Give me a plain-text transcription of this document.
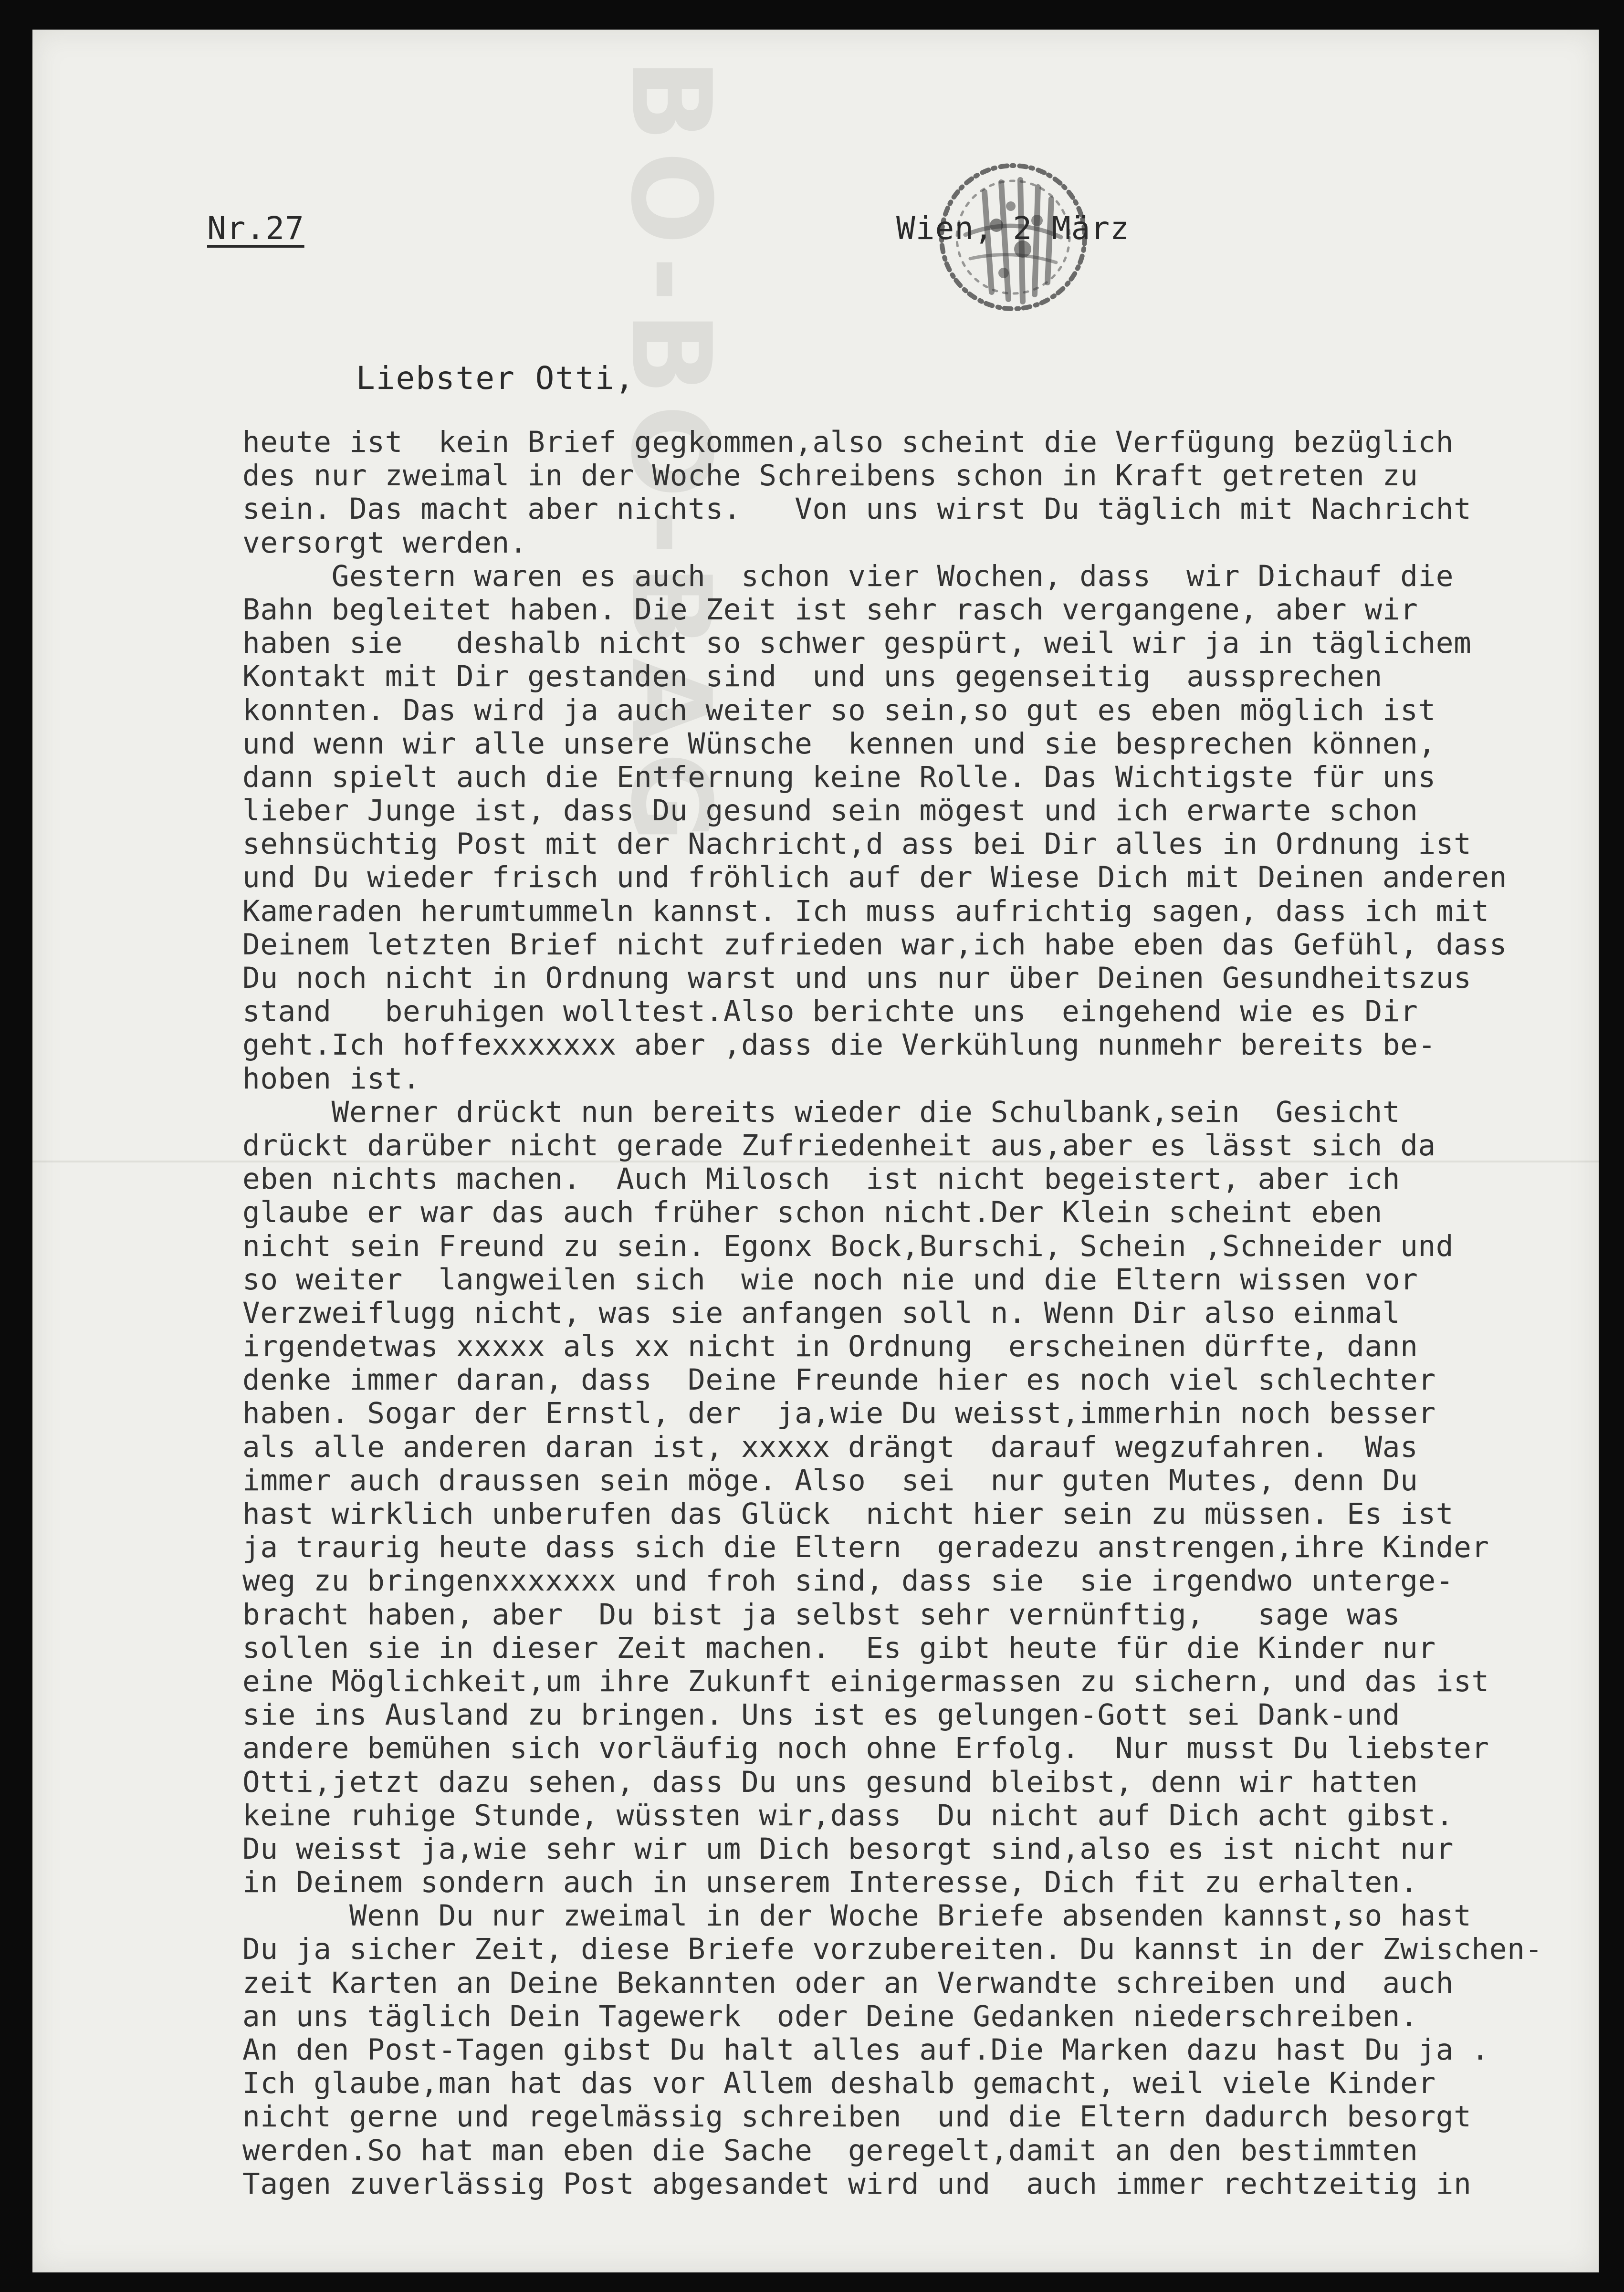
BO-BO-BAG
Nr.27	Wien, 2 März
Liebster Otti,
heute ist  kein Brief gegkommen,also scheint die Verfügung bezüglich
des nur zweimal in der Woche Schreibens schon in Kraft getreten zu
sein. Das macht aber nichts.   Von uns wirst Du täglich mit Nachricht
versorgt werden.
Gestern waren es auch  schon vier Wochen, dass  wir Dichauf die
Bahn begleitet haben. Die Zeit ist sehr rasch vergangene, aber wir
haben sie   deshalb nicht so schwer gespürt, weil wir ja in täglichem
Kontakt mit Dir gestanden sind  und uns gegenseitig  aussprechen
konnten. Das wird ja auch weiter so sein,so gut es eben möglich ist
und wenn wir alle unsere Wünsche  kennen und sie besprechen können,
dann spielt auch die Entfernung keine Rolle. Das Wichtigste für uns
lieber Junge ist, dass Du gesund sein mögest und ich erwarte schon
sehnsüchtig Post mit der Nachricht,d ass bei Dir alles in Ordnung ist
und Du wieder frisch und fröhlich auf der Wiese Dich mit Deinen anderen
Kameraden herumtummeln kannst. Ich muss aufrichtig sagen, dass ich mit
Deinem letzten Brief nicht zufrieden war,ich habe eben das Gefühl, dass
Du noch nicht in Ordnung warst und uns nur über Deinen Gesundheitszus
stand   beruhigen wolltest.Also berichte uns  eingehend wie es Dir
geht.Ich hoffexxxxxxx aber ,dass die Verkühlung nunmehr bereits be-
hoben ist.
Werner drückt nun bereits wieder die Schulbank,sein  Gesicht
drückt darüber nicht gerade Zufriedenheit aus,aber es lässt sich da
eben nichts machen.  Auch Milosch  ist nicht begeistert, aber ich
glaube er war das auch früher schon nicht.Der Klein scheint eben
nicht sein Freund zu sein. Egonx Bock,Burschi, Schein ,Schneider und
so weiter  langweilen sich  wie noch nie und die Eltern wissen vor
Verzweiflugg nicht, was sie anfangen soll n. Wenn Dir also einmal
irgendetwas xxxxx als xx nicht in Ordnung  erscheinen dürfte, dann
denke immer daran, dass  Deine Freunde hier es noch viel schlechter
haben. Sogar der Ernstl, der  ja,wie Du weisst,immerhin noch besser
als alle anderen daran ist, xxxxx drängt  darauf wegzufahren.  Was
immer auch draussen sein möge. Also  sei  nur guten Mutes, denn Du
hast wirklich unberufen das Glück  nicht hier sein zu müssen. Es ist
ja traurig heute dass sich die Eltern  geradezu anstrengen,ihre Kinder
weg zu bringenxxxxxxx und froh sind, dass sie  sie irgendwo unterge-
bracht haben, aber  Du bist ja selbst sehr vernünftig,   sage was
sollen sie in dieser Zeit machen.  Es gibt heute für die Kinder nur
eine Möglichkeit,um ihre Zukunft einigermassen zu sichern, und das ist
sie ins Ausland zu bringen. Uns ist es gelungen-Gott sei Dank-und
andere bemühen sich vorläufig noch ohne Erfolg.  Nur musst Du liebster
Otti,jetzt dazu sehen, dass Du uns gesund bleibst, denn wir hatten
keine ruhige Stunde, wüssten wir,dass  Du nicht auf Dich acht gibst.
Du weisst ja,wie sehr wir um Dich besorgt sind,also es ist nicht nur
in Deinem sondern auch in unserem Interesse, Dich fit zu erhalten.
Wenn Du nur zweimal in der Woche Briefe absenden kannst,so hast
Du ja sicher Zeit, diese Briefe vorzubereiten. Du kannst in der Zwischen-
zeit Karten an Deine Bekannten oder an Verwandte schreiben und  auch
an uns täglich Dein Tagewerk  oder Deine Gedanken niederschreiben.
An den Post-Tagen gibst Du halt alles auf.Die Marken dazu hast Du ja .
Ich glaube,man hat das vor Allem deshalb gemacht, weil viele Kinder
nicht gerne und regelmässig schreiben  und die Eltern dadurch besorgt
werden.So hat man eben die Sache  geregelt,damit an den bestimmten
Tagen zuverlässig Post abgesandet wird und  auch immer rechtzeitig in
